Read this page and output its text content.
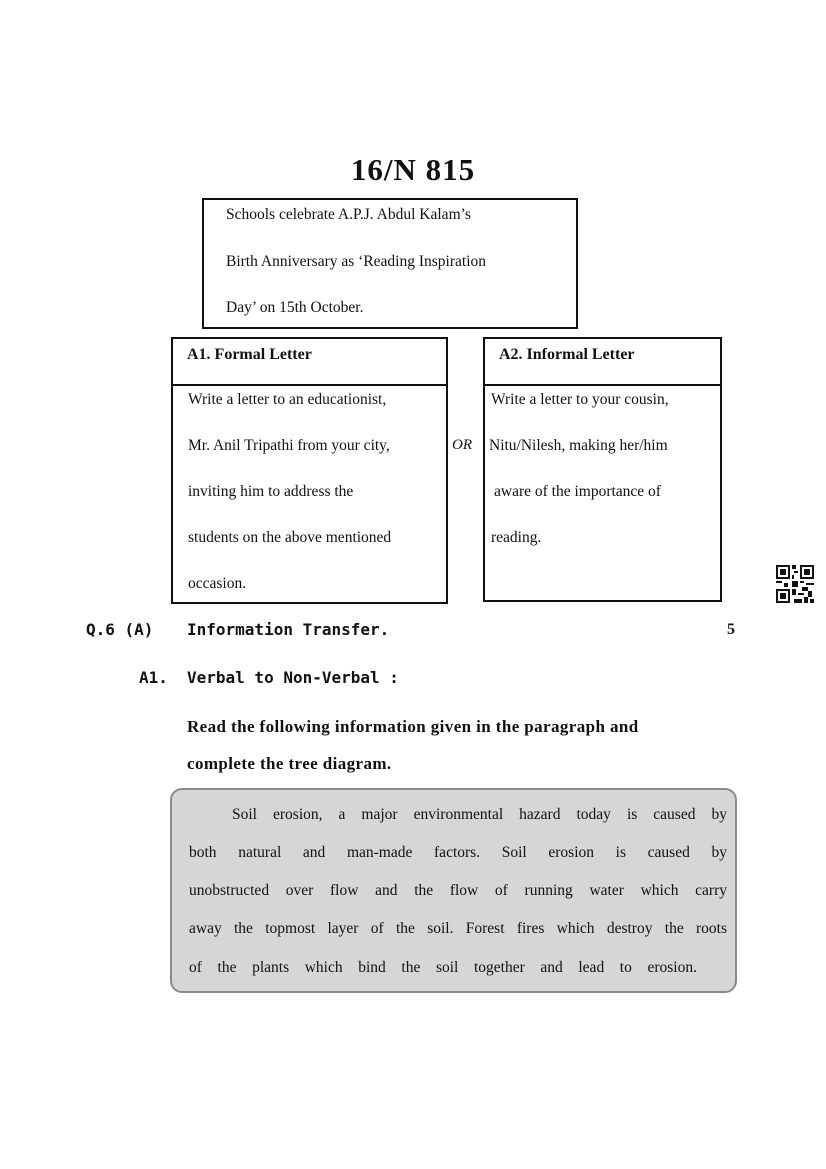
16/N 815
Schools celebrate A.P.J. Abdul Kalam’s
Birth Anniversary as ‘Reading Inspiration
Day’ on 15th October.
A1. Formal Letter
Write a letter to an educationist,
Mr. Anil Tripathi from your city,
inviting him to address the
students on the above mentioned
occasion.
OR
A2. Informal Letter
Write a letter to your cousin,
Nitu/Nilesh, making her/him
aware of the importance of
reading.
Q.6 (A) Information Transfer.	5
A1. Verbal to Non-Verbal :
Read the following information given in the paragraph and
complete the tree diagram.
Soil erosion, a major environmental hazard today is caused by
both natural and man-made factors. Soil erosion is caused by
unobstructed over flow and the flow of running water which carry
away the topmost layer of the soil. Forest fires which destroy the roots
of the plants which bind the soil together and lead to erosion.
